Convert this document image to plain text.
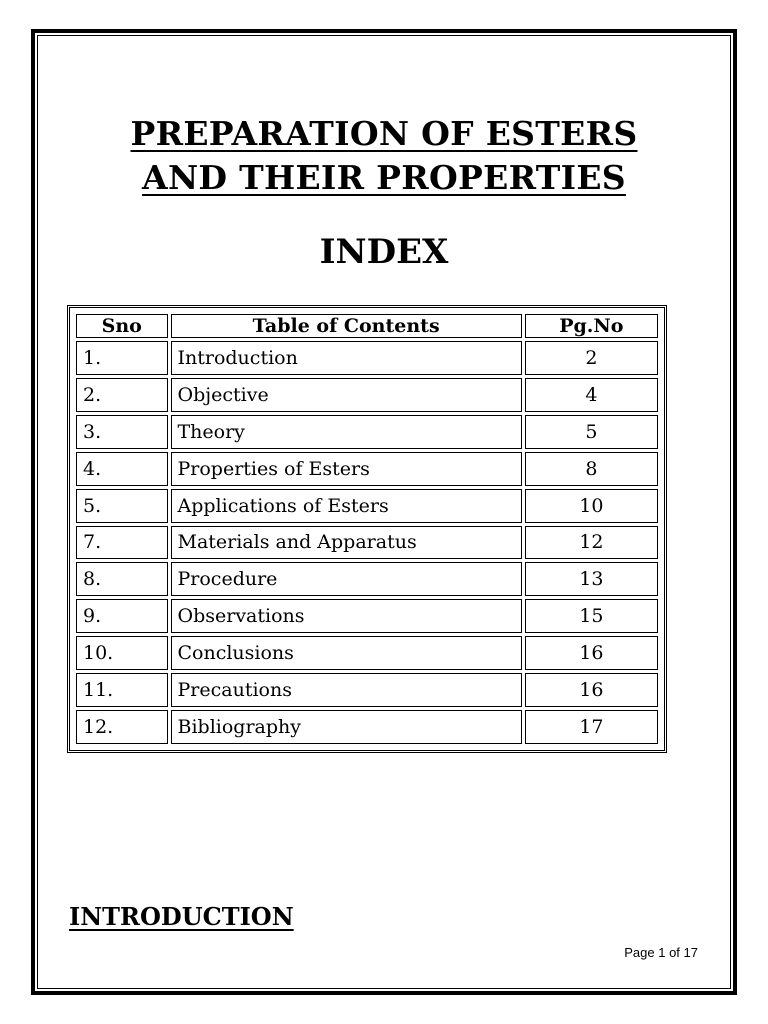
PREPARATION OF ESTERS
AND THEIR PROPERTIES
INDEX
Sno	Table of Contents	Pg.No
1.	Introduction	2
2.	Objective	4
3.	Theory	5
4.	Properties of Esters	8
5.	Applications of Esters	10
7.	Materials and Apparatus	12
8.	Procedure	13
9.	Observations	15
10.	Conclusions	16
11.	Precautions	16
12.	Bibliography	17
INTRODUCTION
Page 1 of 17
